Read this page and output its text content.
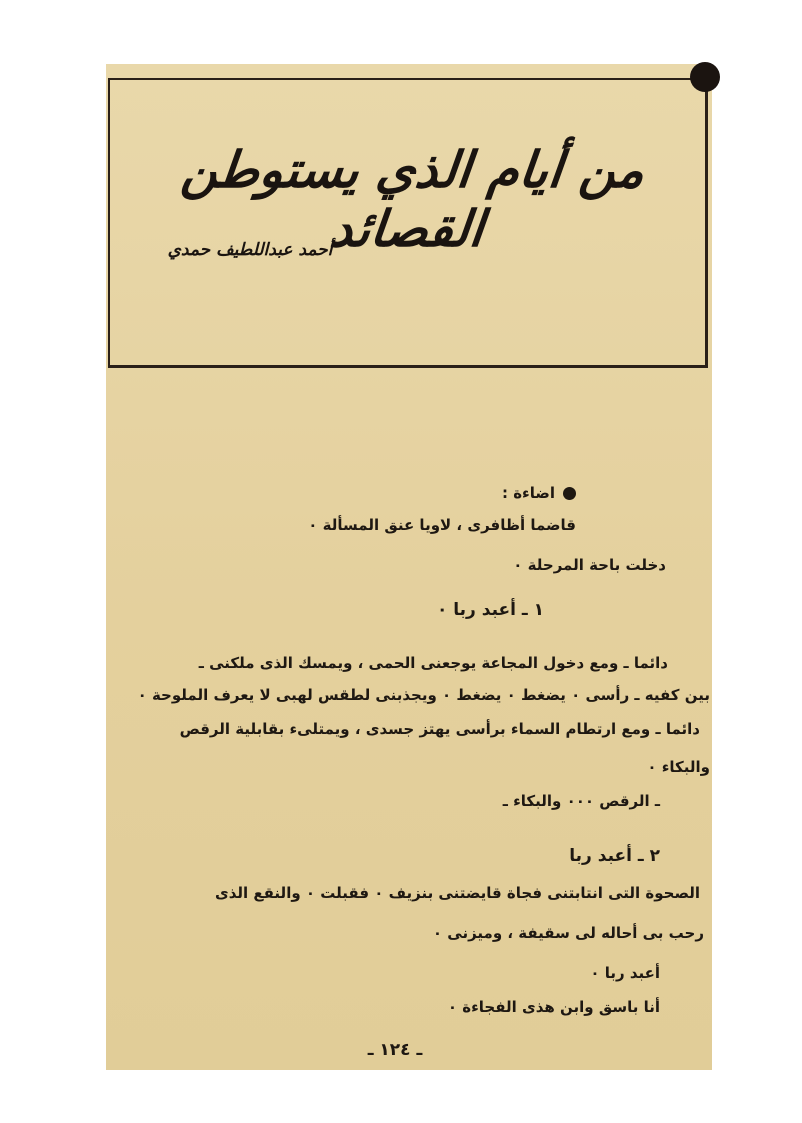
من أيام الذي يستوطن القصائد
أحمد عبداللطيف حمدي
اضاءة :
قاضما أظافرى ، لاويا عنق المسألة ٠
دخلت باحة المرحلة ٠
١ ـ أعبد ربا ٠
دائما ـ ومع دخول المجاعة يوجعنى الحمى ، ويمسك الذى ملكنى ـ
بين كفيه ـ رأسى ٠ يضغط ٠ يضغط ٠ ويجذبنى لطقس لهبى لا يعرف الملوحة ٠
دائما ـ ومع ارتطام السماء برأسى يهتز جسدى ، ويمتلىء بقابلية الرقص
والبكاء ٠
ـ الرقص ٠٠٠ والبكاء ـ
٢ ـ أعبد ربا
الصحوة التى انتابتنى فجاة قايضتنى بنزيف ٠ فقبلت ٠ والنقع الذى
رحب بى أحاله لى سقيفة ، وميزنى ٠
أعبد ربا ٠
أنا باسق وابن هذى الفجاءة ٠
ـ ١٢٤ ـ
